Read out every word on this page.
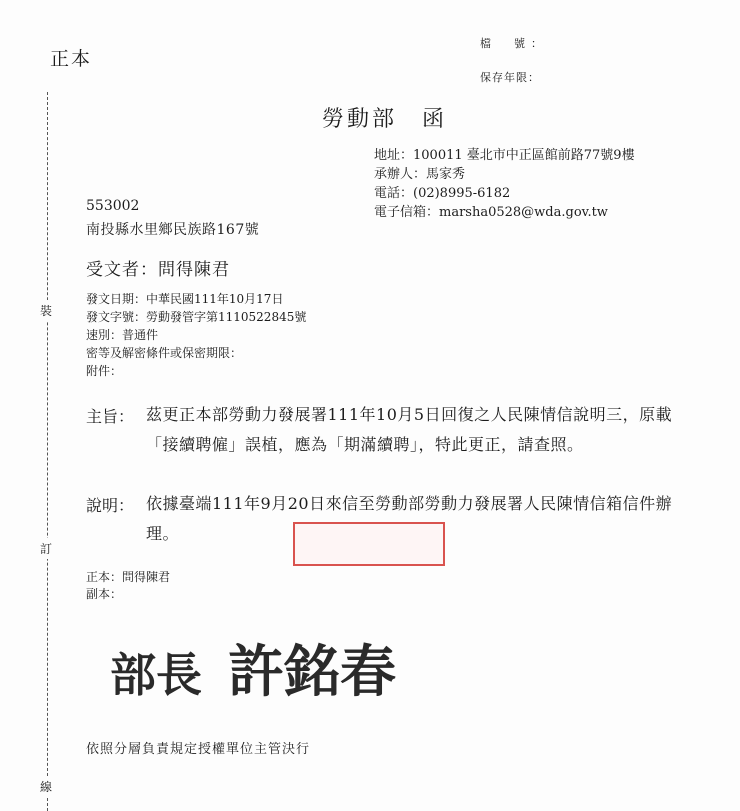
正本
檔　號：
保存年限：
裝
訂
線
勞動部　函
地址：100011 臺北市中正區館前路77號9樓
承辦人：馬家秀
電話：(02)8995-6182
電子信箱：marsha0528@wda.gov.tw
553002
南投縣水里鄉民族路167號
受文者：問得陳君
發文日期：中華民國111年10月17日
發文字號：勞動發管字第1110522845號
速別：普通件
密等及解密條件或保密期限：
附件：
主旨： 茲更正本部勞動力發展署111年10月5日回復之人民陳情信說明三，原載「接續聘僱」誤植，應為「期滿續聘」，特此更正，請查照。
說明： 依據臺端111年9月20日來信至勞動部勞動力發展署人民陳情信箱信件辦理。
正本：問得陳君
副本：
部長 許銘春
依照分層負責規定授權單位主管決行
